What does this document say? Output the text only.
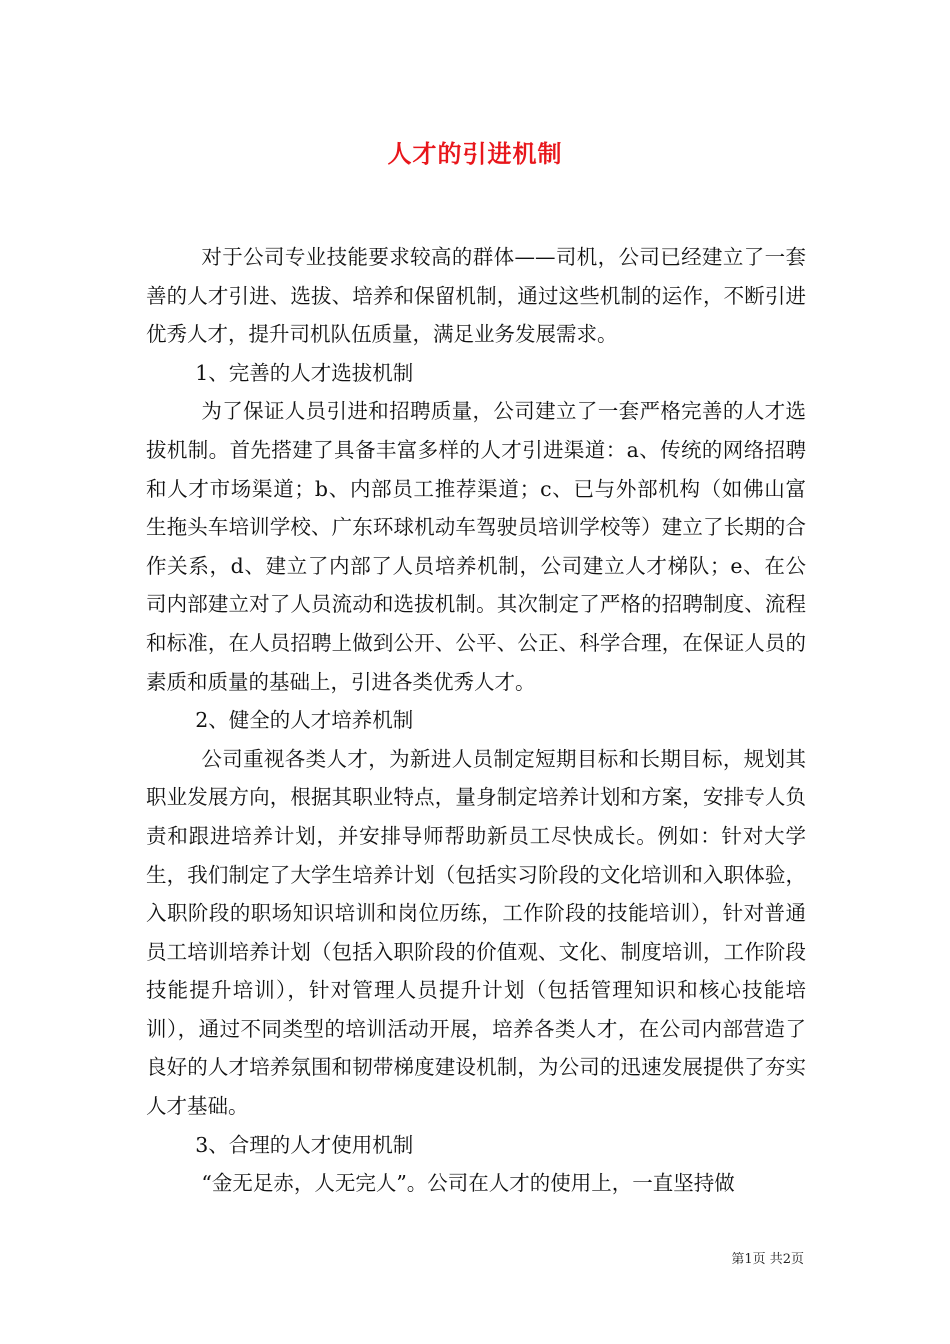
人才的引进机制

对于公司专业技能要求较高的群体——司机，公司已经建立了一套善的人才引进、选拔、培养和保留机制，通过这些机制的运作，不断引进优秀人才，提升司机队伍质量，满足业务发展需求。

1、完善的人才选拔机制

为了保证人员引进和招聘质量，公司建立了一套严格完善的人才选拔机制。首先搭建了具备丰富多样的人才引进渠道：a、传统的网络招聘和人才市场渠道；b、内部员工推荐渠道；c、已与外部机构（如佛山富生拖头车培训学校、广东环球机动车驾驶员培训学校等）建立了长期的合作关系，d、建立了内部了人员培养机制，公司建立人才梯队；e、在公司内部建立对了人员流动和选拔机制。其次制定了严格的招聘制度、流程和标准，在人员招聘上做到公开、公平、公正、科学合理，在保证人员的素质和质量的基础上，引进各类优秀人才。

2、健全的人才培养机制

公司重视各类人才，为新进人员制定短期目标和长期目标，规划其职业发展方向，根据其职业特点，量身制定培养计划和方案，安排专人负责和跟进培养计划，并安排导师帮助新员工尽快成长。例如：针对大学生，我们制定了大学生培养计划（包括实习阶段的文化培训和入职体验，入职阶段的职场知识培训和岗位历练，工作阶段的技能培训），针对普通员工培训培养计划（包括入职阶段的价值观、文化、制度培训，工作阶段技能提升培训），针对管理人员提升计划（包括管理知识和核心技能培训），通过不同类型的培训活动开展，培养各类人才，在公司内部营造了良好的人才培养氛围和韧带梯度建设机制，为公司的迅速发展提供了夯实人才基础。

3、合理的人才使用机制

“金无足赤，人无完人”。公司在人才的使用上，一直坚持做

第1页 共2页
